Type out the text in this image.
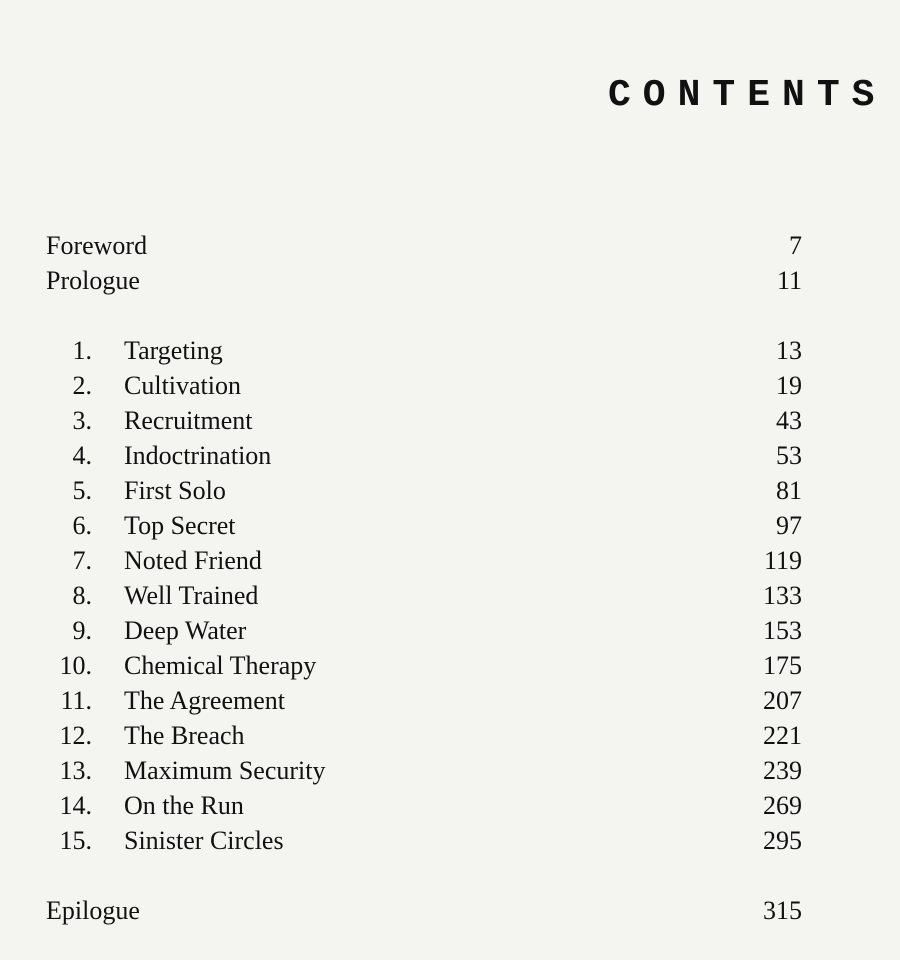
CONTENTS
Foreword	7
Prologue	11
1. Targeting	13
2. Cultivation	19
3. Recruitment	43
4. Indoctrination	53
5. First Solo	81
6. Top Secret	97
7. Noted Friend	119
8. Well Trained	133
9. Deep Water	153
10. Chemical Therapy	175
11. The Agreement	207
12. The Breach	221
13. Maximum Security	239
14. On the Run	269
15. Sinister Circles	295
Epilogue	315
